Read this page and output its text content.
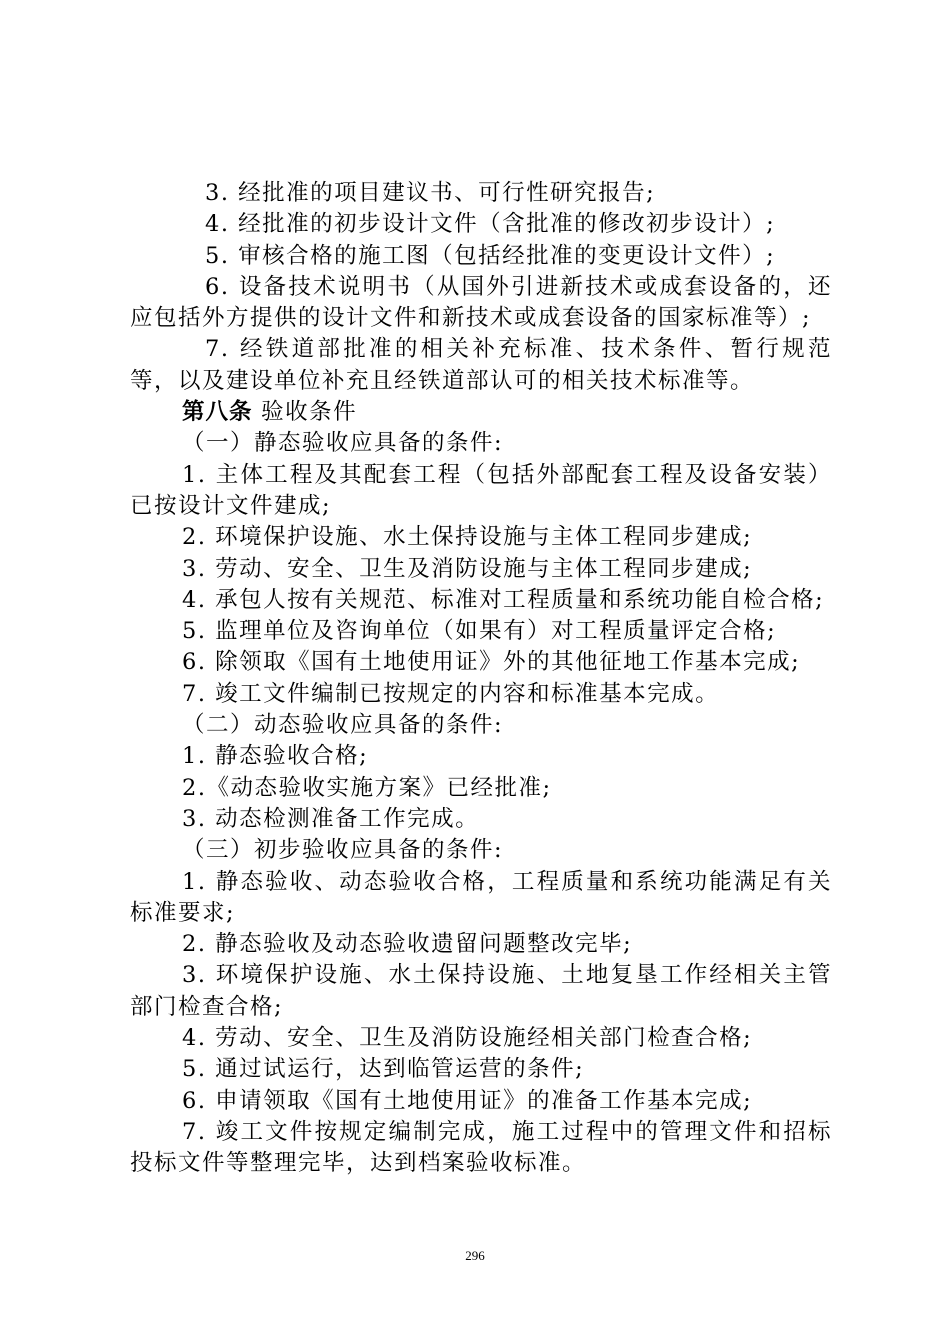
3. 经批准的项目建议书、可行性研究报告;

4. 经批准的初步设计文件（含批准的修改初步设计）;

5. 审核合格的施工图（包括经批准的变更设计文件）;

6. 设备技术说明书（从国外引进新技术或成套设备的，还应包括外方提供的设计文件和新技术或成套设备的国家标准等）;

7. 经铁道部批准的相关补充标准、技术条件、暂行规范等，以及建设单位补充且经铁道部认可的相关技术标准等。

第八条 验收条件

（一）静态验收应具备的条件:

1. 主体工程及其配套工程（包括外部配套工程及设备安装）已按设计文件建成;

2. 环境保护设施、水土保持设施与主体工程同步建成;

3. 劳动、安全、卫生及消防设施与主体工程同步建成;

4. 承包人按有关规范、标准对工程质量和系统功能自检合格;

5. 监理单位及咨询单位（如果有）对工程质量评定合格;

6. 除领取《国有土地使用证》外的其他征地工作基本完成;

7. 竣工文件编制已按规定的内容和标准基本完成。

（二）动态验收应具备的条件:

1. 静态验收合格;

2.《动态验收实施方案》已经批准;

3. 动态检测准备工作完成。

（三）初步验收应具备的条件:

1. 静态验收、动态验收合格，工程质量和系统功能满足有关标准要求;

2. 静态验收及动态验收遗留问题整改完毕;

3. 环境保护设施、水土保持设施、土地复垦工作经相关主管部门检查合格;

4. 劳动、安全、卫生及消防设施经相关部门检查合格;

5. 通过试运行，达到临管运营的条件;

6. 申请领取《国有土地使用证》的准备工作基本完成;

7. 竣工文件按规定编制完成，施工过程中的管理文件和招标投标文件等整理完毕，达到档案验收标准。

296
